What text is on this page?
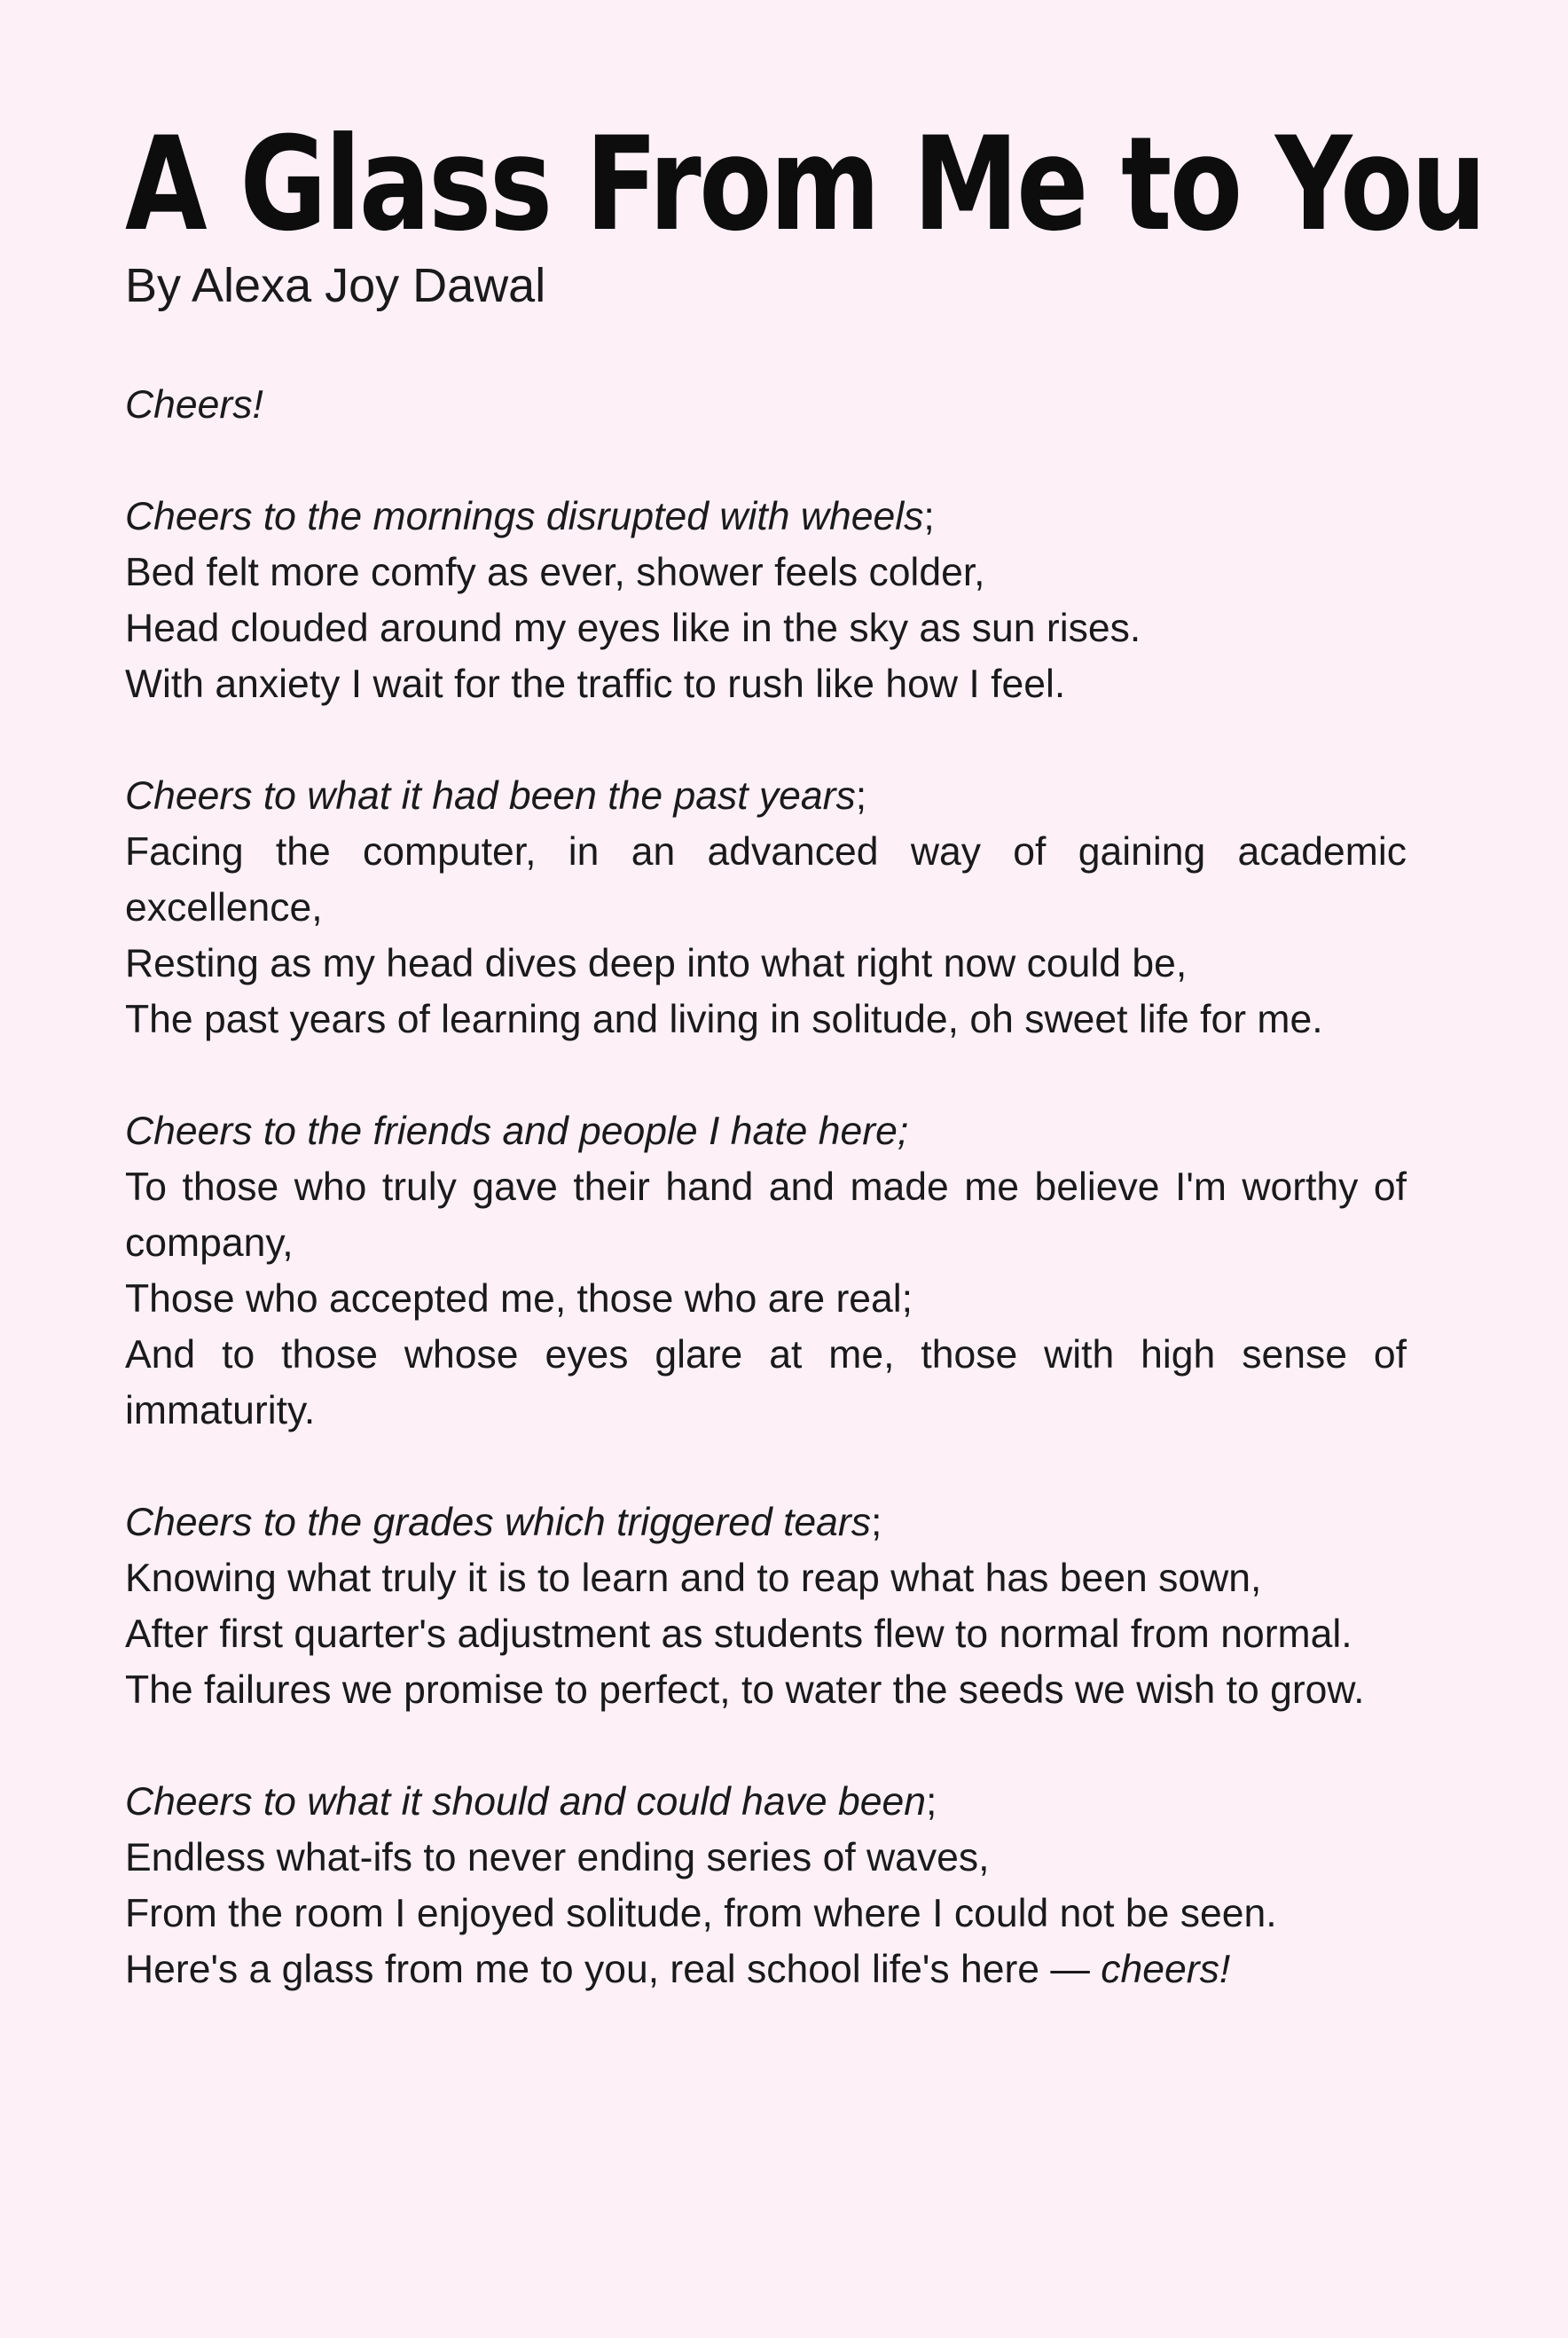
A Glass From Me to You

By Alexa Joy Dawal

Cheers!

Cheers to the mornings disrupted with wheels;

Bed felt more comfy as ever, shower feels colder,

Head clouded around my eyes like in the sky as sun rises.

With anxiety I wait for the traffic to rush like how I feel.

Cheers to what it had been the past years;

Facing the computer, in an advanced way of gaining academic excellence,

Resting as my head dives deep into what right now could be,

The past years of learning and living in solitude, oh sweet life for me.

Cheers to the friends and people I hate here;

To those who truly gave their hand and made me believe I'm worthy of company,

Those who accepted me, those who are real;

And to those whose eyes glare at me, those with high sense of immaturity.

Cheers to the grades which triggered tears;

Knowing what truly it is to learn and to reap what has been sown,

After first quarter's adjustment as students flew to normal from normal.

The failures we promise to perfect, to water the seeds we wish to grow.

Cheers to what it should and could have been;

Endless what-ifs to never ending series of waves,

From the room I enjoyed solitude, from where I could not be seen.

Here's a glass from me to you, real school life's here — cheers!
